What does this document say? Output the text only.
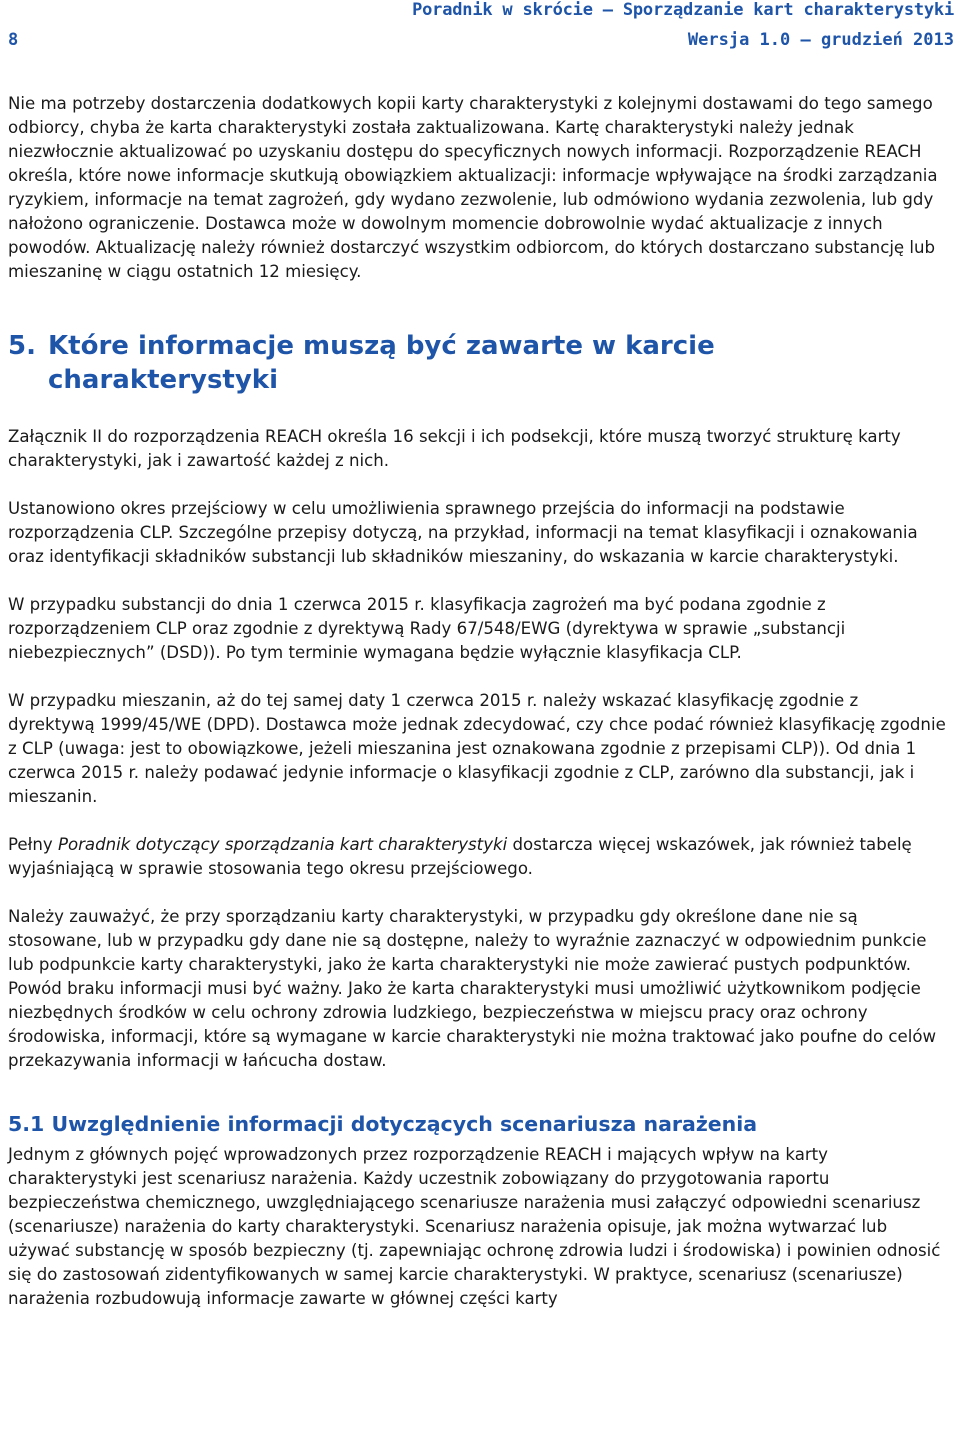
Poradnik w skrócie – Sporządzanie kart charakterystyki
8	Wersja 1.0 – grudzień 2013

Nie ma potrzeby dostarczenia dodatkowych kopii karty charakterystyki z kolejnymi dostawami do tego samego odbiorcy, chyba że karta charakterystyki została zaktualizowana. Kartę charakterystyki należy jednak niezwłocznie aktualizować po uzyskaniu dostępu do specyficznych nowych informacji. Rozporządzenie REACH określa, które nowe informacje skutkują obowiązkiem aktualizacji: informacje wpływające na środki zarządzania ryzykiem, informacje na temat zagrożeń, gdy wydano zezwolenie, lub odmówiono wydania zezwolenia, lub gdy nałożono ograniczenie. Dostawca może w dowolnym momencie dobrowolnie wydać aktualizacje z innych powodów. Aktualizację należy również dostarczyć wszystkim odbiorcom, do których dostarczano substancję lub mieszaninę w ciągu ostatnich 12 miesięcy.

5. Które informacje muszą być zawarte w karcie charakterystyki

Załącznik II do rozporządzenia REACH określa 16 sekcji i ich podsekcji, które muszą tworzyć strukturę karty charakterystyki, jak i zawartość każdej z nich.

Ustanowiono okres przejściowy w celu umożliwienia sprawnego przejścia do informacji na podstawie rozporządzenia CLP. Szczególne przepisy dotyczą, na przykład, informacji na temat klasyfikacji i oznakowania oraz identyfikacji składników substancji lub składników mieszaniny, do wskazania w karcie charakterystyki.

W przypadku substancji do dnia 1 czerwca 2015 r. klasyfikacja zagrożeń ma być podana zgodnie z rozporządzeniem CLP oraz zgodnie z dyrektywą Rady 67/548/EWG (dyrektywa w sprawie „substancji niebezpiecznych” (DSD)). Po tym terminie wymagana będzie wyłącznie klasyfikacja CLP.

W przypadku mieszanin, aż do tej samej daty 1 czerwca 2015 r. należy wskazać klasyfikację zgodnie z dyrektywą 1999/45/WE (DPD). Dostawca może jednak zdecydować, czy chce podać również klasyfikację zgodnie z CLP (uwaga: jest to obowiązkowe, jeżeli mieszanina jest oznakowana zgodnie z przepisami CLP)). Od dnia 1 czerwca 2015 r. należy podawać jedynie informacje o klasyfikacji zgodnie z CLP, zarówno dla substancji, jak i mieszanin.

Pełny Poradnik dotyczący sporządzania kart charakterystyki dostarcza więcej wskazówek, jak również tabelę wyjaśniającą w sprawie stosowania tego okresu przejściowego.

Należy zauważyć, że przy sporządzaniu karty charakterystyki, w przypadku gdy określone dane nie są stosowane, lub w przypadku gdy dane nie są dostępne, należy to wyraźnie zaznaczyć w odpowiednim punkcie lub podpunkcie karty charakterystyki, jako że karta charakterystyki nie może zawierać pustych podpunktów. Powód braku informacji musi być ważny. Jako że karta charakterystyki musi umożliwić użytkownikom podjęcie niezbędnych środków w celu ochrony zdrowia ludzkiego, bezpieczeństwa w miejscu pracy oraz ochrony środowiska, informacji, które są wymagane w karcie charakterystyki nie można traktować jako poufne do celów przekazywania informacji w łańcucha dostaw.

5.1 Uwzględnienie informacji dotyczących scenariusza narażenia

Jednym z głównych pojęć wprowadzonych przez rozporządzenie REACH i mających wpływ na karty charakterystyki jest scenariusz narażenia. Każdy uczestnik zobowiązany do przygotowania raportu bezpieczeństwa chemicznego, uwzględniającego scenariusze narażenia musi załączyć odpowiedni scenariusz (scenariusze) narażenia do karty charakterystyki. Scenariusz narażenia opisuje, jak można wytwarzać lub używać substancję w sposób bezpieczny (tj. zapewniając ochronę zdrowia ludzi i środowiska) i powinien odnosić się do zastosowań zidentyfikowanych w samej karcie charakterystyki. W praktyce, scenariusz (scenariusze) narażenia rozbudowują informacje zawarte w głównej części karty
